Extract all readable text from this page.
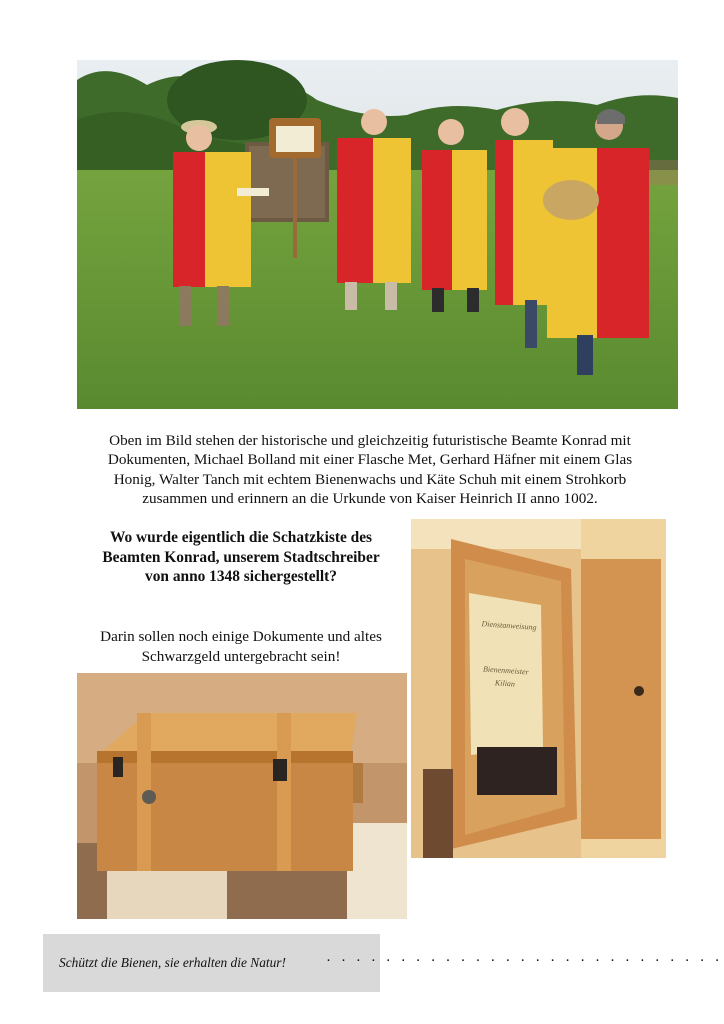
Oben im Bild stehen der historische und gleichzeitig futuristische Beamte Konrad mit
Dokumenten, Michael Bolland mit einer Flasche Met, Gerhard Häfner mit einem Glas
Honig, Walter Tanch mit echtem Bienenwachs und Käte Schuh mit einem Strohkorb
zusammen und erinnern an die Urkunde von Kaiser Heinrich II anno 1002.
Wo wurde eigentlich die Schatzkiste des
Beamten Konrad, unserem Stadtschreiber
von anno 1348 sichergestellt?
Darin sollen noch einige Dokumente und altes
Schwarzgeld untergebracht sein!
Dienstanweisung
Bienenmeister
Kilian
Schützt die Bienen, sie erhalten die Natur!	· · · · · · · · · · · · · · · · · · · · · · · · · · ·
